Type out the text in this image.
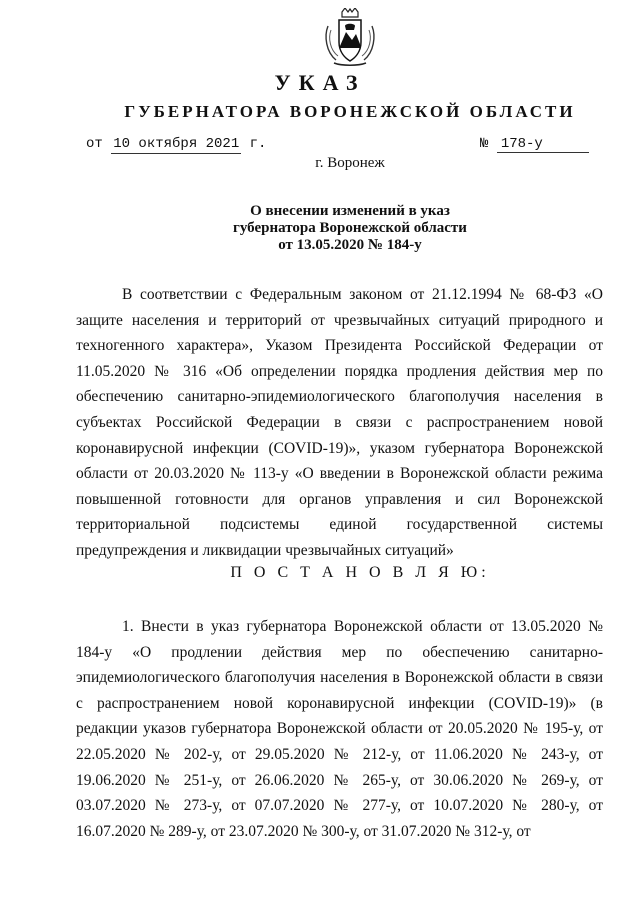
УКАЗ
ГУБЕРНАТОРА ВОРОНЕЖСКОЙ ОБЛАСТИ
от 10 октября 2021 г.	№ 178-у
г. Воронеж
О внесении изменений в указ
губернатора Воронежской области
от 13.05.2020 № 184-у

В соответствии с Федеральным законом от 21.12.1994 № 68-ФЗ «О защите населения и территорий от чрезвычайных ситуаций природного и техногенного характера», Указом Президента Российской Федерации от 11.05.2020 № 316 «Об определении порядка продления действия мер по обеспечению санитарно-эпидемиологического благополучия населения в субъектах Российской Федерации в связи с распространением новой коронавирусной инфекции (COVID-19)», указом губернатора Воронежской области от 20.03.2020 № 113-у «О введении в Воронежской области режима повышенной готовности для органов управления и сил Воронежской территориальной подсистемы единой государственной системы предупреждения и ликвидации чрезвычайных ситуаций»

П О С Т А Н О В Л Я Ю:

1. Внести в указ губернатора Воронежской области от 13.05.2020 № 184-у «О продлении действия мер по обеспечению санитарно-эпидемиологического благополучия населения в Воронежской области в связи с распространением новой коронавирусной инфекции (COVID-19)» (в редакции указов губернатора Воронежской области от 20.05.2020 № 195-у, от 22.05.2020 № 202-у, от 29.05.2020 № 212-у, от 11.06.2020 № 243-у, от 19.06.2020 № 251-у, от 26.06.2020 № 265-у, от 30.06.2020 № 269-у, от 03.07.2020 № 273-у, от 07.07.2020 № 277-у, от 10.07.2020 № 280-у, от 16.07.2020 № 289-у, от 23.07.2020 № 300-у, от 31.07.2020 № 312-у, от
